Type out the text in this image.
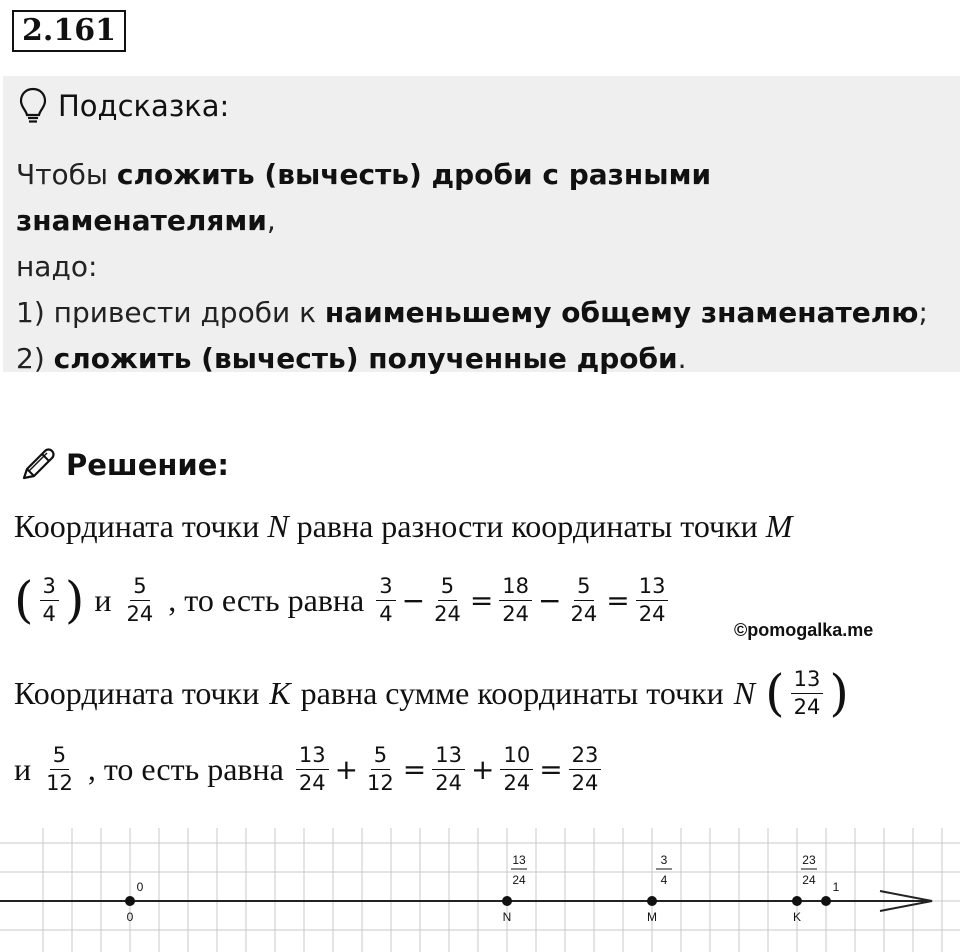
2.161
Подсказка:
Чтобы сложить (вычесть) дроби с разными знаменателями,
надо:
1) привести дроби к наименьшему общему знаменателю;
2) сложить (вычесть) полученные дроби.
Решение:
Координата точки N равна разности координаты точки M
( $\frac{3}{4}$ ) и $\frac{5}{24}$ , то есть равна $\frac{3}{4} - \frac{5}{24} = \frac{18}{24} - \frac{5}{24} = \frac{13}{24}$
©pomogalka.me
Координата точки K равна сумме координаты точки N ( $\frac{13}{24}$ )
и $\frac{5}{12}$ , то есть равна $\frac{13}{24} + \frac{5}{12} = \frac{13}{24} + \frac{10}{24} = \frac{23}{24}$
0
0
N
13
24
M
3
4
K
23
24 1
